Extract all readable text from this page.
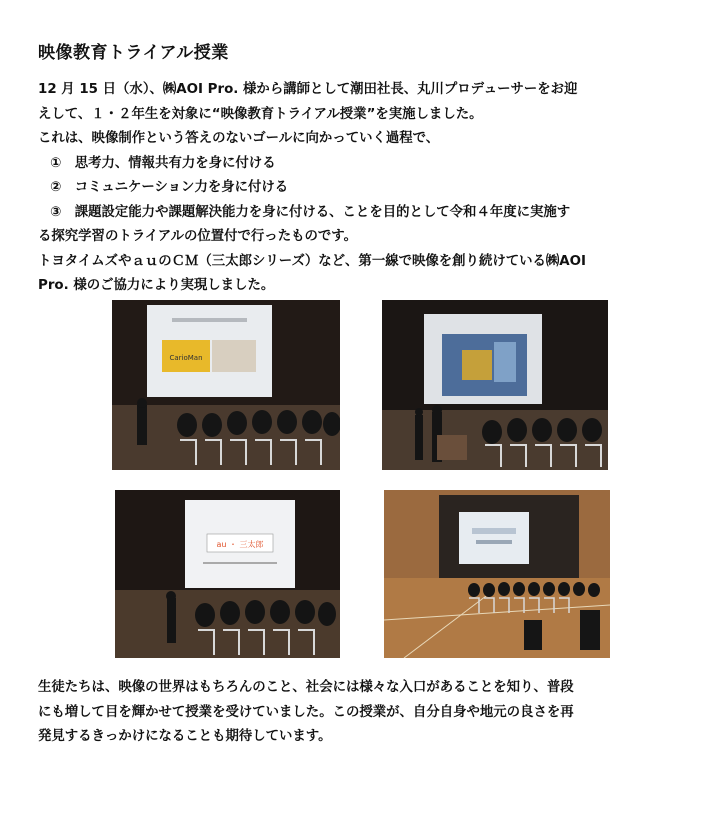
映像教育トライアル授業

12 月 15 日（水）、㈱AOI Pro. 様から講師として潮田社長、丸川プロデューサーをお迎

えして、１・２年生を対象に“映像教育トライアル授業”を実施しました。

これは、映像制作という答えのないゴールに向かっていく過程で、

①　思考力、情報共有力を身に付ける

②　コミュニケーション力を身に付ける

③　課題設定能力や課題解決能力を身に付ける、ことを目的として令和４年度に実施す

る探究学習のトライアルの位置付で行ったものです。

トヨタイムズやａｕのＣＭ（三太郎シリーズ）など、第一線で映像を創り続けている㈱AOI

Pro. 様のご協力により実現しました。

CarioMan
au ・ 三太郎

生徒たちは、映像の世界はもちろんのこと、社会には様々な入口があることを知り、普段

にも増して目を輝かせて授業を受けていました。この授業が、自分自身や地元の良さを再

発見するきっかけになることも期待しています。
